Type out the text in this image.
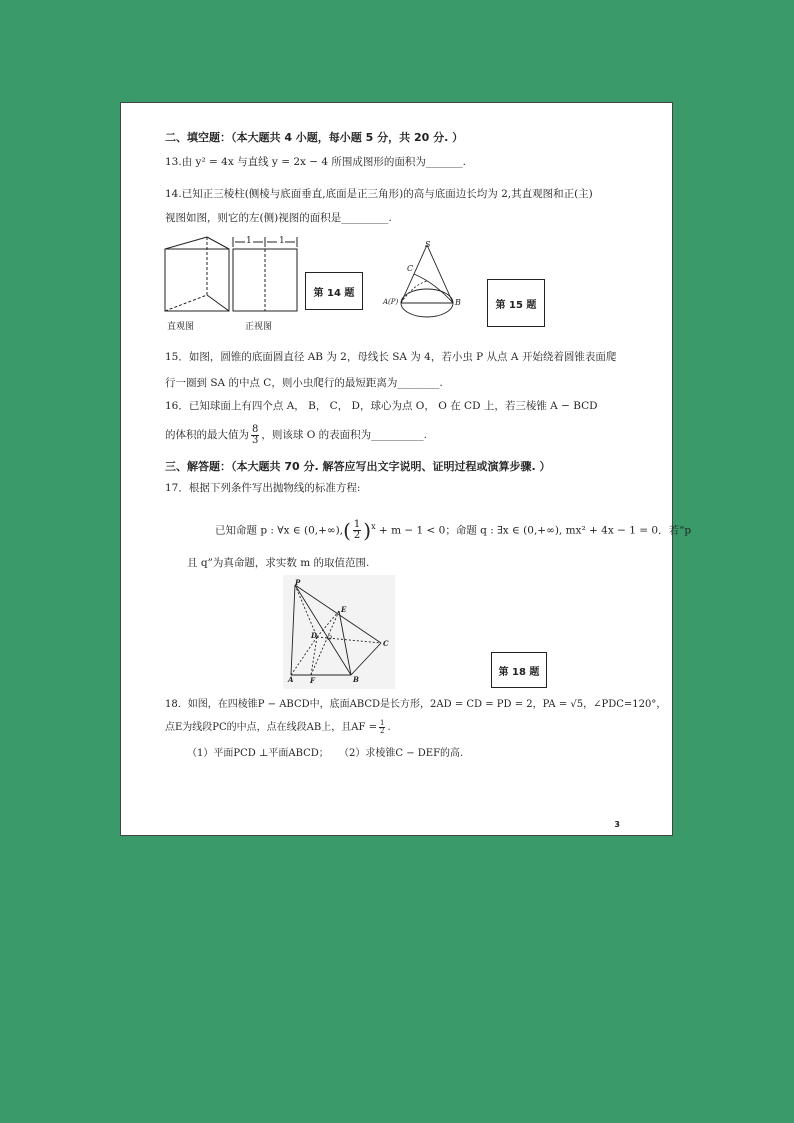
二、填空题：（本大题共 4 小题，每小题 5 分，共 20 分. ）
13.由 y² = 4x 与直线 y = 2x − 4 所围成图形的面积为_______.
14.已知正三棱柱(侧棱与底面垂直,底面是正三角形)的高与底面边长均为 2,其直观图和正(主)
视图如图，则它的左(侧)视图的面积是_________.
1	1
直观图	正视图
第 14 题
S
C
A(P)	B	第 15 题
15．如图，圆锥的底面圆直径 AB 为 2，母线长 SA 为 4，若小虫 P 从点 A 开始绕着圆锥表面爬
行一圈到 SA 的中点 C，则小虫爬行的最短距离为________.
16．已知球面上有四个点 A， B， C， D，球心为点 O， O 在 CD 上，若三棱锥 A − BCD
的体积的最大值为 $\frac{8}{3}$ ，则该球 O 的表面积为__________.
三、解答题：（本大题共 70 分. 解答应写出文字说明、证明过程或演算步骤. ）
17．根据下列条件写出抛物线的标准方程:
已知命题 p : ∀x ∈ $(0,+\infty),( \frac{1}{2} )^x + m - 1 < 0$；命题 q : ∃x ∈ (0,+∞), mx² + 4x − 1 = 0．若“p
且 q”为真命题，求实数 m 的取值范围.
P
E
D O
C
A F	B
第 18 题
18．如图，在四棱锥P − ABCD中，底面ABCD是长方形，2AD = CD = PD = 2，PA = √5，∠PDC=120°，
点E为线段PC的中点，点在线段AB上，且AF = $\frac{1}{2}$ .
（1）平面PCD ⊥平面ABCD； （2）求棱锥C − DEF的高.
3
